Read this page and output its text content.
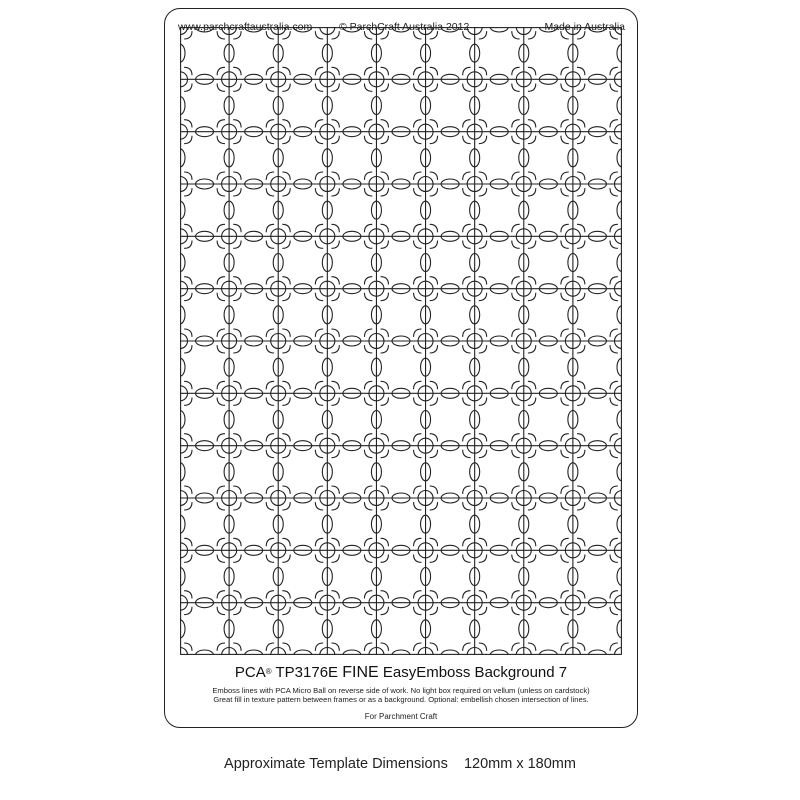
www.parchcraftaustralia.com	© ParchCraft Australia 2012	Made in Australia
PCA® TP3176E FINE EasyEmboss Background 7
Emboss lines with PCA Micro Ball on reverse side of work. No light box required on vellum (unless on cardstock)
Great fill in texture pattern between frames or as a background. Optional: embellish chosen intersection of lines.
For Parchment Craft
Approximate Template Dimensions    120mm x 180mm
